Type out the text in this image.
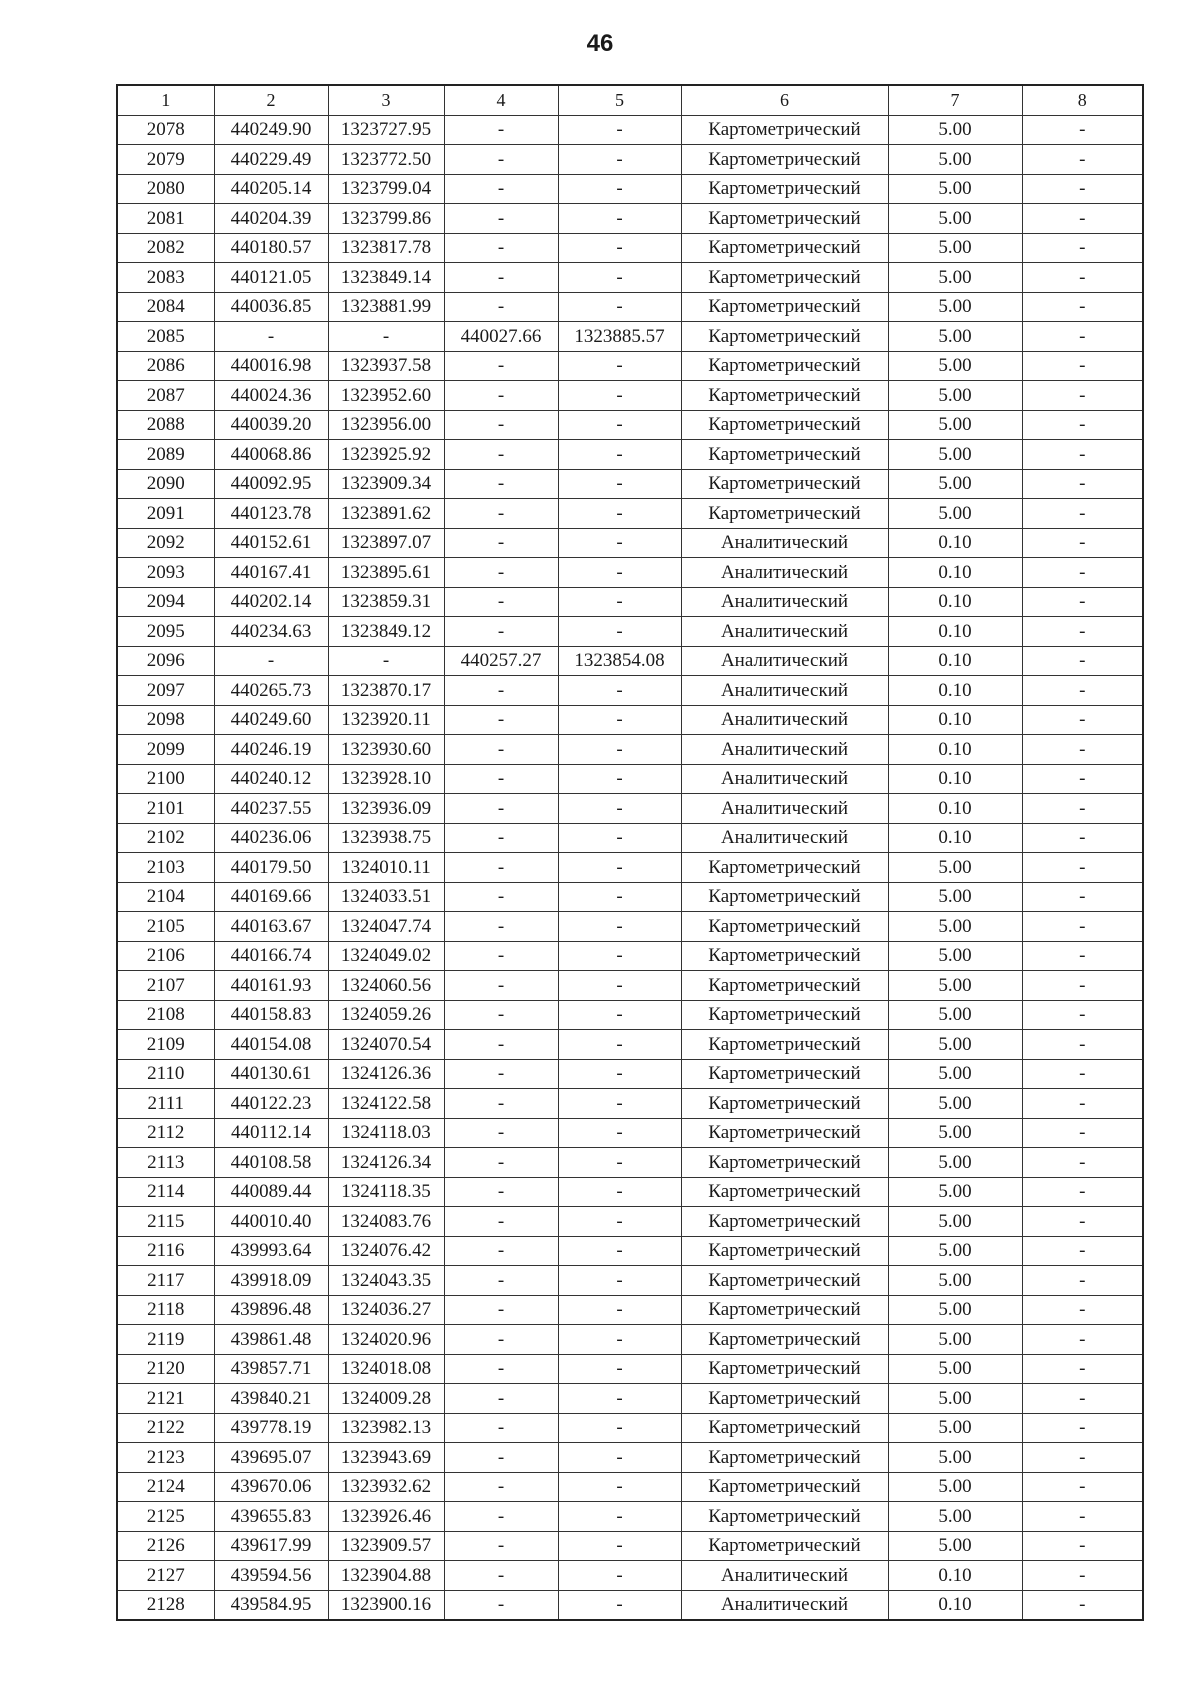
46
1	2	3	4	5	6	7	8
2078	440249.90	1323727.95	-	-	Картометрический	5.00	-
2079	440229.49	1323772.50	-	-	Картометрический	5.00	-
2080	440205.14	1323799.04	-	-	Картометрический	5.00	-
2081	440204.39	1323799.86	-	-	Картометрический	5.00	-
2082	440180.57	1323817.78	-	-	Картометрический	5.00	-
2083	440121.05	1323849.14	-	-	Картометрический	5.00	-
2084	440036.85	1323881.99	-	-	Картометрический	5.00	-
2085	-	-	440027.66	1323885.57	Картометрический	5.00	-
2086	440016.98	1323937.58	-	-	Картометрический	5.00	-
2087	440024.36	1323952.60	-	-	Картометрический	5.00	-
2088	440039.20	1323956.00	-	-	Картометрический	5.00	-
2089	440068.86	1323925.92	-	-	Картометрический	5.00	-
2090	440092.95	1323909.34	-	-	Картометрический	5.00	-
2091	440123.78	1323891.62	-	-	Картометрический	5.00	-
2092	440152.61	1323897.07	-	-	Аналитический	0.10	-
2093	440167.41	1323895.61	-	-	Аналитический	0.10	-
2094	440202.14	1323859.31	-	-	Аналитический	0.10	-
2095	440234.63	1323849.12	-	-	Аналитический	0.10	-
2096	-	-	440257.27	1323854.08	Аналитический	0.10	-
2097	440265.73	1323870.17	-	-	Аналитический	0.10	-
2098	440249.60	1323920.11	-	-	Аналитический	0.10	-
2099	440246.19	1323930.60	-	-	Аналитический	0.10	-
2100	440240.12	1323928.10	-	-	Аналитический	0.10	-
2101	440237.55	1323936.09	-	-	Аналитический	0.10	-
2102	440236.06	1323938.75	-	-	Аналитический	0.10	-
2103	440179.50	1324010.11	-	-	Картометрический	5.00	-
2104	440169.66	1324033.51	-	-	Картометрический	5.00	-
2105	440163.67	1324047.74	-	-	Картометрический	5.00	-
2106	440166.74	1324049.02	-	-	Картометрический	5.00	-
2107	440161.93	1324060.56	-	-	Картометрический	5.00	-
2108	440158.83	1324059.26	-	-	Картометрический	5.00	-
2109	440154.08	1324070.54	-	-	Картометрический	5.00	-
2110	440130.61	1324126.36	-	-	Картометрический	5.00	-
2111	440122.23	1324122.58	-	-	Картометрический	5.00	-
2112	440112.14	1324118.03	-	-	Картометрический	5.00	-
2113	440108.58	1324126.34	-	-	Картометрический	5.00	-
2114	440089.44	1324118.35	-	-	Картометрический	5.00	-
2115	440010.40	1324083.76	-	-	Картометрический	5.00	-
2116	439993.64	1324076.42	-	-	Картометрический	5.00	-
2117	439918.09	1324043.35	-	-	Картометрический	5.00	-
2118	439896.48	1324036.27	-	-	Картометрический	5.00	-
2119	439861.48	1324020.96	-	-	Картометрический	5.00	-
2120	439857.71	1324018.08	-	-	Картометрический	5.00	-
2121	439840.21	1324009.28	-	-	Картометрический	5.00	-
2122	439778.19	1323982.13	-	-	Картометрический	5.00	-
2123	439695.07	1323943.69	-	-	Картометрический	5.00	-
2124	439670.06	1323932.62	-	-	Картометрический	5.00	-
2125	439655.83	1323926.46	-	-	Картометрический	5.00	-
2126	439617.99	1323909.57	-	-	Картометрический	5.00	-
2127	439594.56	1323904.88	-	-	Аналитический	0.10	-
2128	439584.95	1323900.16	-	-	Аналитический	0.10	-
